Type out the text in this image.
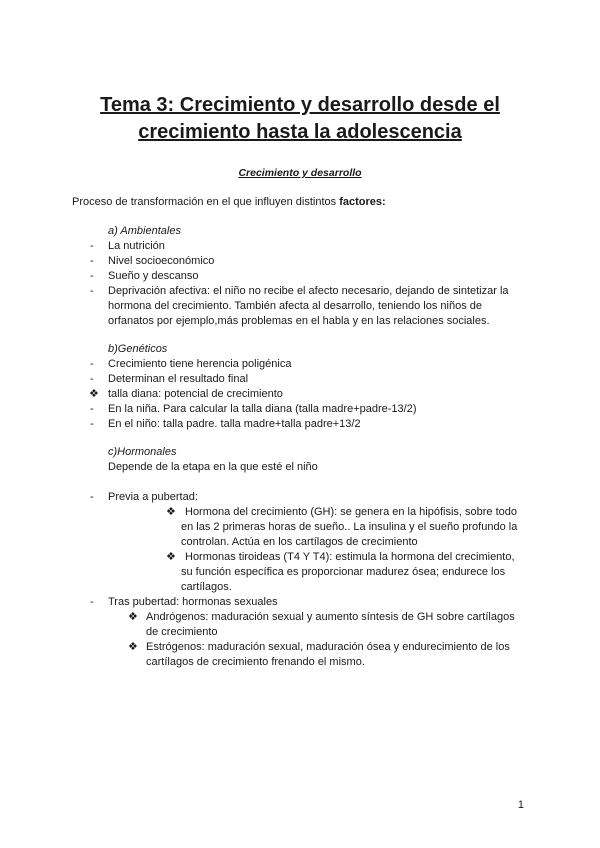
Tema 3: Crecimiento y desarrollo desde el
crecimiento hasta la adolescencia
Crecimiento y desarrollo
Proceso de transformación en el que influyen distintos factores:
a) Ambientales
- La nutrición
- Nivel socioeconómico
- Sueño y descanso
- Deprivación afectiva: el niño no recibe el afecto necesario, dejando de sintetizar la
hormona del crecimiento. También afecta al desarrollo, teniendo los niños de
orfanatos por ejemplo,más problemas en el habla y en las relaciones sociales.
b)Genéticos
- Crecimiento tiene herencia poligénica
- Determinan el resultado final
❖ talla diana: potencial de crecimiento
- En la niña. Para calcular la talla diana (talla madre+padre-13/2)
- En el niño: talla padre. talla madre+talla padre+13/2
c)Hormonales
Depende de la etapa en la que esté el niño
- Previa a pubertad:
❖ Hormona del crecimiento (GH): se genera en la hipófisis, sobre todo
en las 2 primeras horas de sueño.. La insulina y el sueño profundo la
controlan. Actúa en los cartílagos de crecimiento
❖ Hormonas tiroideas (T4 Y T4): estimula la hormona del crecimiento,
su función específica es proporcionar madurez ósea; endurece los
cartílagos.
- Tras pubertad: hormonas sexuales
❖ Andrógenos: maduración sexual y aumento síntesis de GH sobre cartílagos
de crecimiento
❖ Estrógenos: maduración sexual, maduración ósea y endurecimiento de los
cartílagos de crecimiento frenando el mismo.
1
